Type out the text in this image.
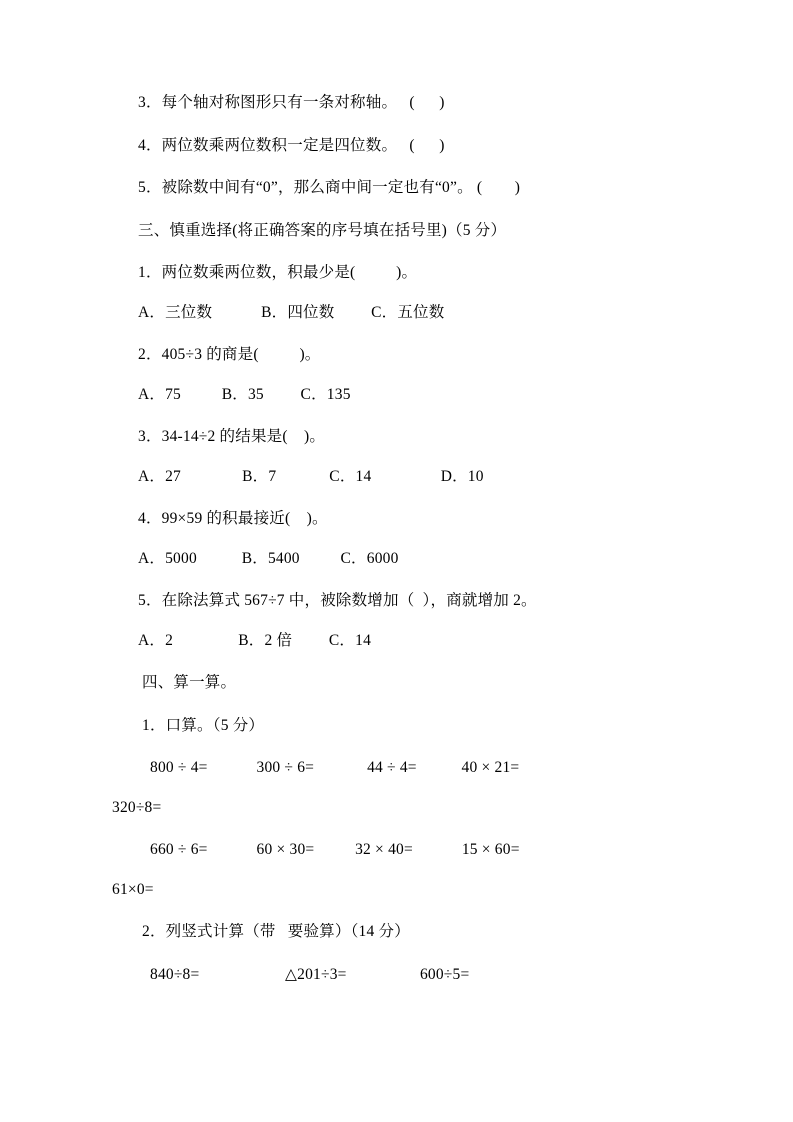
3．每个轴对称图形只有一条对称轴。   (      )
4．两位数乘两位数积一定是四位数。   (      )
5．被除数中间有“0”，那么商中间一定也有“0”。 (        )
三、慎重选择(将正确答案的序号填在括号里)（5 分）
1．两位数乘两位数，积最少是(          )。
A．三位数            B．四位数         C．五位数
2．405÷3 的商是(          )。
A．75          B．35         C．135
3．34-14÷2 的结果是(    )。
A．27               B．7             C．14                 D．10
4．99×59 的积最接近(    )。
A．5000           B．5400          C．6000
5．在除法算式 567÷7 中，被除数增加（  ），商就增加 2。
A．2                B．2 倍         C．14
四、算一算。
1．口算。（5 分）
800 ÷ 4=            300 ÷ 6=             44 ÷ 4=           40 × 21=
320÷8=
660 ÷ 6=            60 × 30=          32 × 40=            15 × 60=
61×0=
2．列竖式计算（带   要验算）（14 分）
840÷8=                     △201÷3=                  600÷5=
